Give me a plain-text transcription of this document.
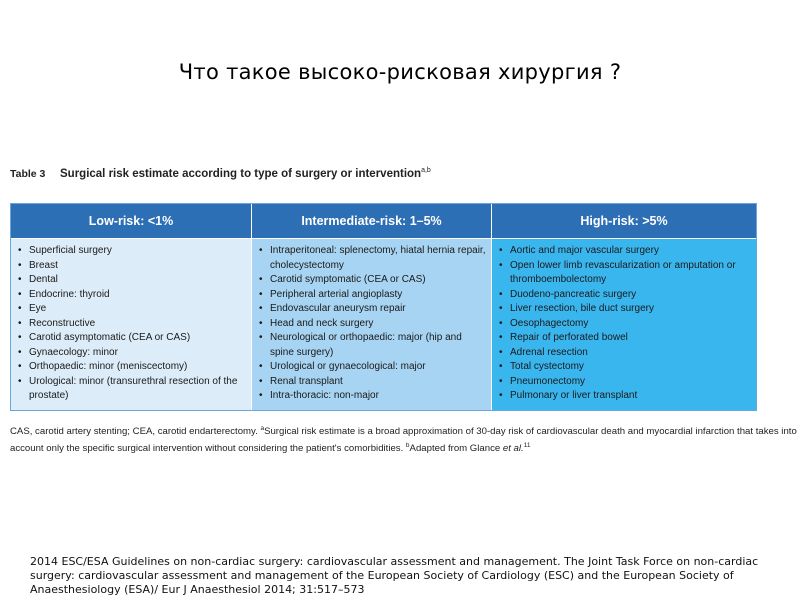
Что такое высоко-рисковая хирургия ?
Table 3 Surgical risk estimate according to type of surgery or intervention$^{a,b}$
Low-risk: <1%
• Superficial surgery
• Breast
• Dental
• Endocrine: thyroid
• Eye
• Reconstructive
• Carotid asymptomatic (CEA or CAS)
• Gynaecology: minor
• Orthopaedic: minor (meniscectomy)
• Urological: minor (transurethral resection of the prostate)
Intermediate-risk: 1–5%
• Intraperitoneal: splenectomy, hiatal hernia repair, cholecystectomy
• Carotid symptomatic (CEA or CAS)
• Peripheral arterial angioplasty
• Endovascular aneurysm repair
• Head and neck surgery
• Neurological or orthopaedic: major (hip and spine surgery)
• Urological or gynaecological: major
• Renal transplant
• Intra-thoracic: non-major
High-risk: >5%
• Aortic and major vascular surgery
• Open lower limb revascularization or amputation or thromboembolectomy
• Duodeno-pancreatic surgery
• Liver resection, bile duct surgery
• Oesophagectomy
• Repair of perforated bowel
• Adrenal resection
• Total cystectomy
• Pneumonectomy
• Pulmonary or liver transplant
CAS, carotid artery stenting; CEA, carotid endarterectomy. $^a$Surgical risk estimate is a broad approximation of 30-day risk of cardiovascular death and myocardial infarction that takes into account only the specific surgical intervention without considering the patient's comorbidities. $^b$Adapted from Glance et al.$^{11}$
2014 ESC/ESA Guidelines on non-cardiac surgery: cardiovascular assessment and management. The Joint Task Force on non-cardiac surgery: cardiovascular assessment and management of the European Society of Cardiology (ESC) and the European Society of Anaesthesiology (ESA)/ Eur J Anaesthesiol 2014; 31:517–573
